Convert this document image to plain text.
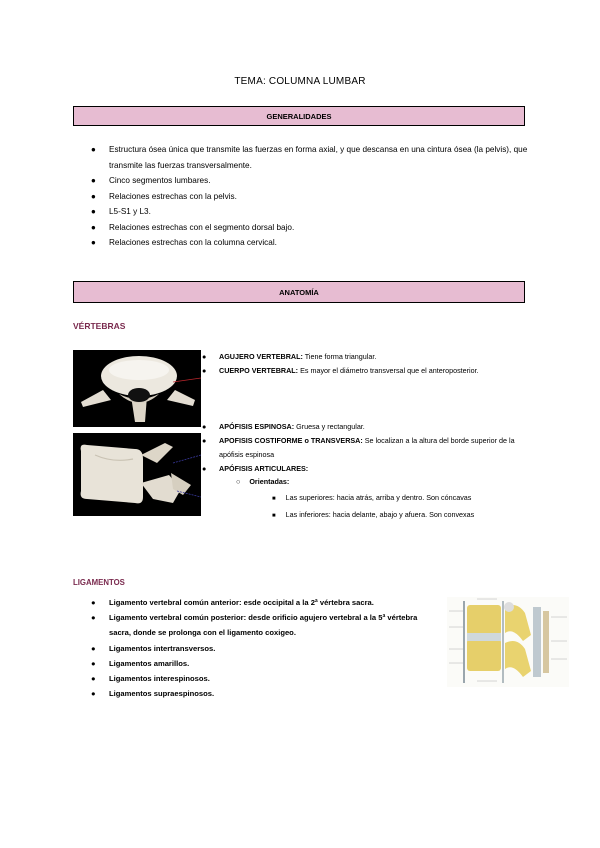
TEMA: COLUMNA LUMBAR
GENERALIDADES
● Estructura ósea única que transmite las fuerzas en forma axial, y que descansa en una cintura ósea (la pelvis), que transmite las fuerzas transversalmente.
● Cinco segmentos lumbares.
● Relaciones estrechas con la pelvis.
● L5-S1 y L3.
● Relaciones estrechas con el segmento dorsal bajo.
● Relaciones estrechas con la columna cervical.
ANATOMÍA
VÉRTEBRAS
● AGUJERO VERTEBRAL: Tiene forma triangular.
● CUERPO VERTEBRAL: Es mayor el diámetro transversal que el anteroposterior.
● APÓFISIS ESPINOSA: Gruesa y rectangular.
● APOFISIS COSTIFORME o TRANSVERSA: Se localizan a la altura del borde superior de la apófisis espinosa
● APÓFISIS ARTICULARES:
○ Orientadas:
■ Las superiores: hacia atrás, arriba y dentro. Son cóncavas
■ Las inferiores: hacia delante, abajo y afuera. Son convexas
LIGAMENTOS
● Ligamento vertebral común anterior: esde occipital a la 2ª vértebra sacra.
● Ligamento vertebral común posterior: desde orificio agujero vertebral a la 5ª vértebra sacra, donde se prolonga con el ligamento coxigeo.
● Ligamentos intertransversos.
● Ligamentos amarillos.
● Ligamentos interespinosos.
● Ligamentos supraespinosos.
